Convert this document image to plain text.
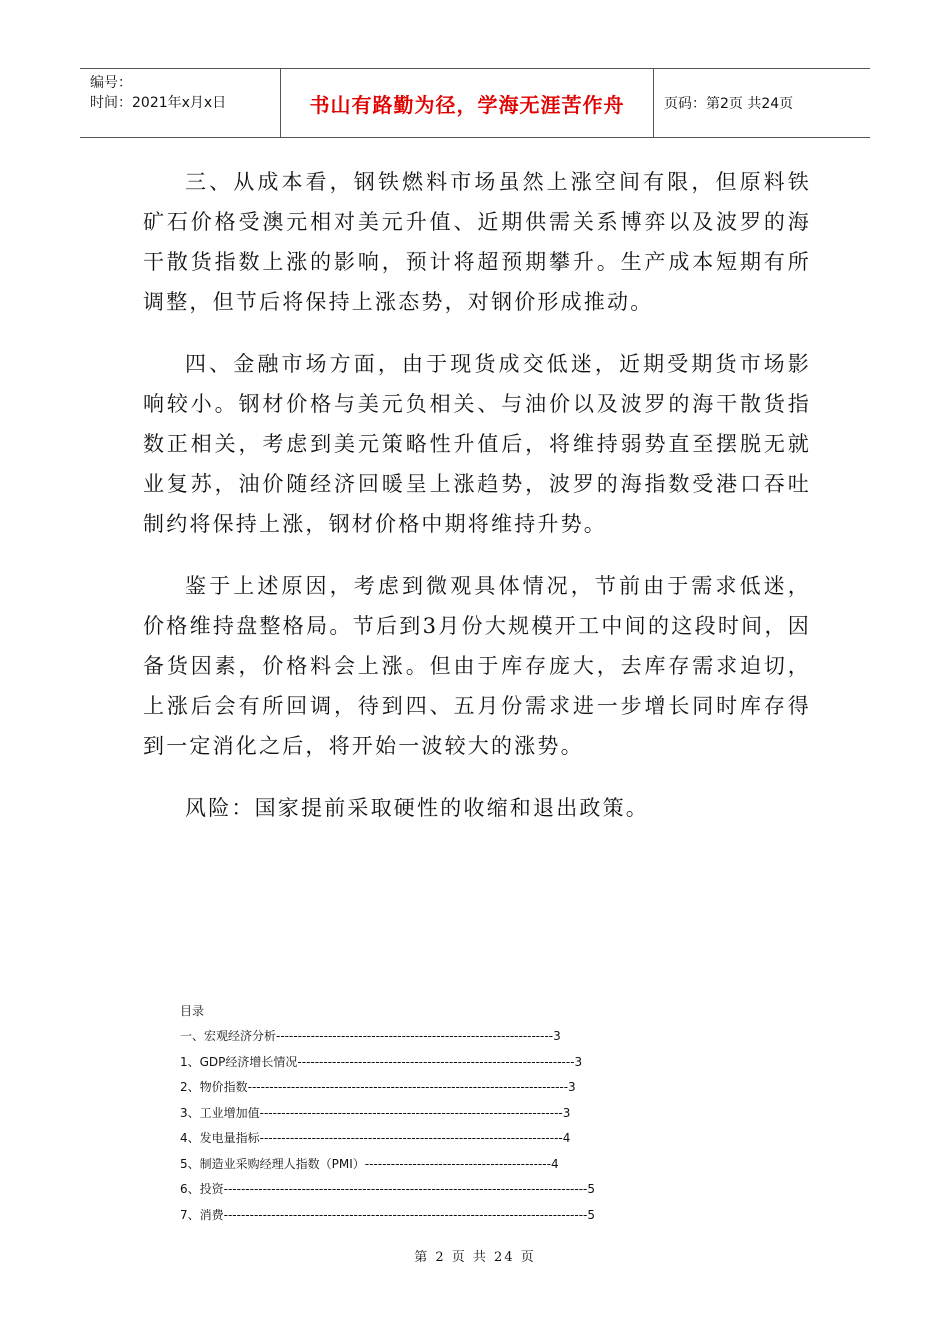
编号：
时间：2021年x月x日	书山有路勤为径，学海无涯苦作舟	页码：第2页 共24页

三、从成本看，钢铁燃料市场虽然上涨空间有限，但原料铁矿石价格受澳元相对美元升值、近期供需关系博弈以及波罗的海干散货指数上涨的影响，预计将超预期攀升。生产成本短期有所调整，但节后将保持上涨态势，对钢价形成推动。

四、金融市场方面，由于现货成交低迷，近期受期货市场影响较小。钢材价格与美元负相关、与油价以及波罗的海干散货指数正相关，考虑到美元策略性升值后，将维持弱势直至摆脱无就业复苏，油价随经济回暖呈上涨趋势，波罗的海指数受港口吞吐制约将保持上涨，钢材价格中期将维持升势。

鉴于上述原因，考虑到微观具体情况，节前由于需求低迷，价格维持盘整格局。节后到3月份大规模开工中间的这段时间，因备货因素，价格料会上涨。但由于库存庞大，去库存需求迫切，上涨后会有所回调，待到四、五月份需求进一步增长同时库存得到一定消化之后，将开始一波较大的涨势。

风险：国家提前采取硬性的收缩和退出政策。

目录
一、宏观经济分析----------------------------------------------------------------3
1、GDP经济增长情况----------------------------------------------------------------3
2、物价指数--------------------------------------------------------------------------3
3、工业增加值----------------------------------------------------------------------3
4、发电量指标----------------------------------------------------------------------4
5、制造业采购经理人指数（PMI）-------------------------------------------4
6、投资------------------------------------------------------------------------------------5
7、消费------------------------------------------------------------------------------------5
第 2 页 共 24 页
